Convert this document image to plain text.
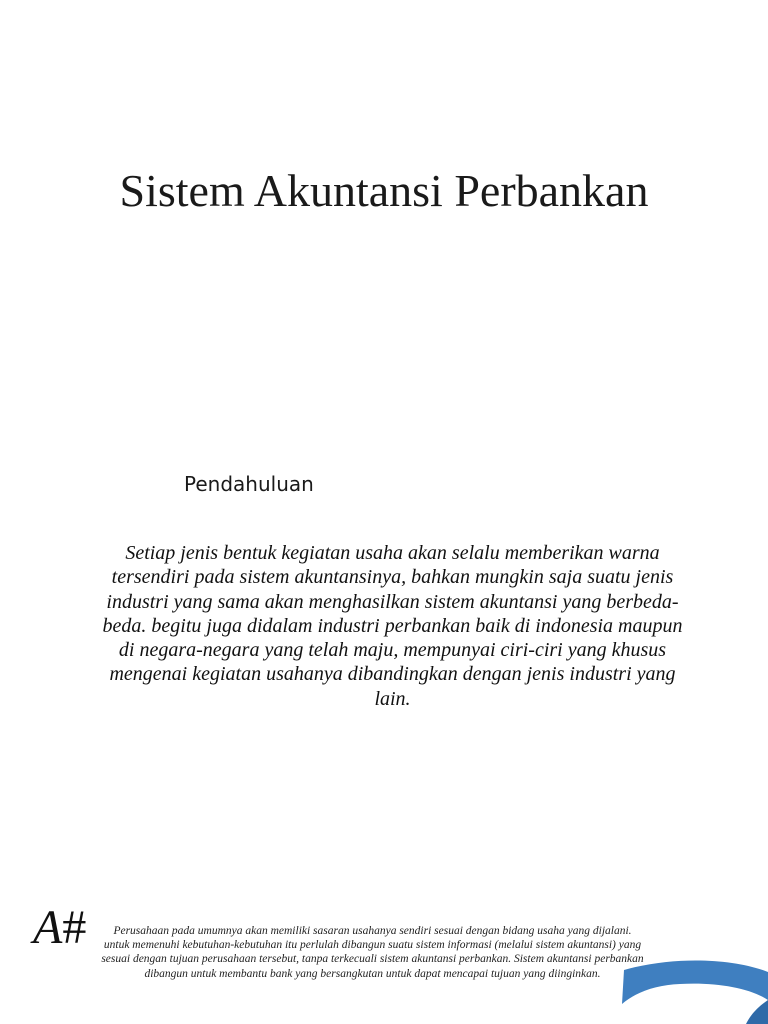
Sistem Akuntansi Perbankan
Pendahuluan

Setiap jenis bentuk kegiatan usaha akan selalu memberikan warna tersendiri pada sistem akuntansinya, bahkan mungkin saja suatu jenis industri yang sama akan menghasilkan sistem akuntansi yang berbeda-beda. begitu juga didalam industri perbankan baik di indonesia maupun di negara-negara yang telah maju, mempunyai ciri-ciri yang khusus mengenai kegiatan usahanya dibandingkan dengan jenis industri yang lain.

A#	Perusahaan pada umumnya akan memiliki sasaran usahanya sendiri sesuai dengan bidang usaha yang dijalani. untuk memenuhi kebutuhan-kebutuhan itu perlulah dibangun suatu sistem informasi (melalui sistem akuntansi) yang sesuai dengan tujuan perusahaan tersebut, tanpa terkecuali sistem akuntansi perbankan. Sistem akuntansi perbankan dibangun untuk membantu bank yang bersangkutan untuk dapat mencapai tujuan yang diinginkan.
